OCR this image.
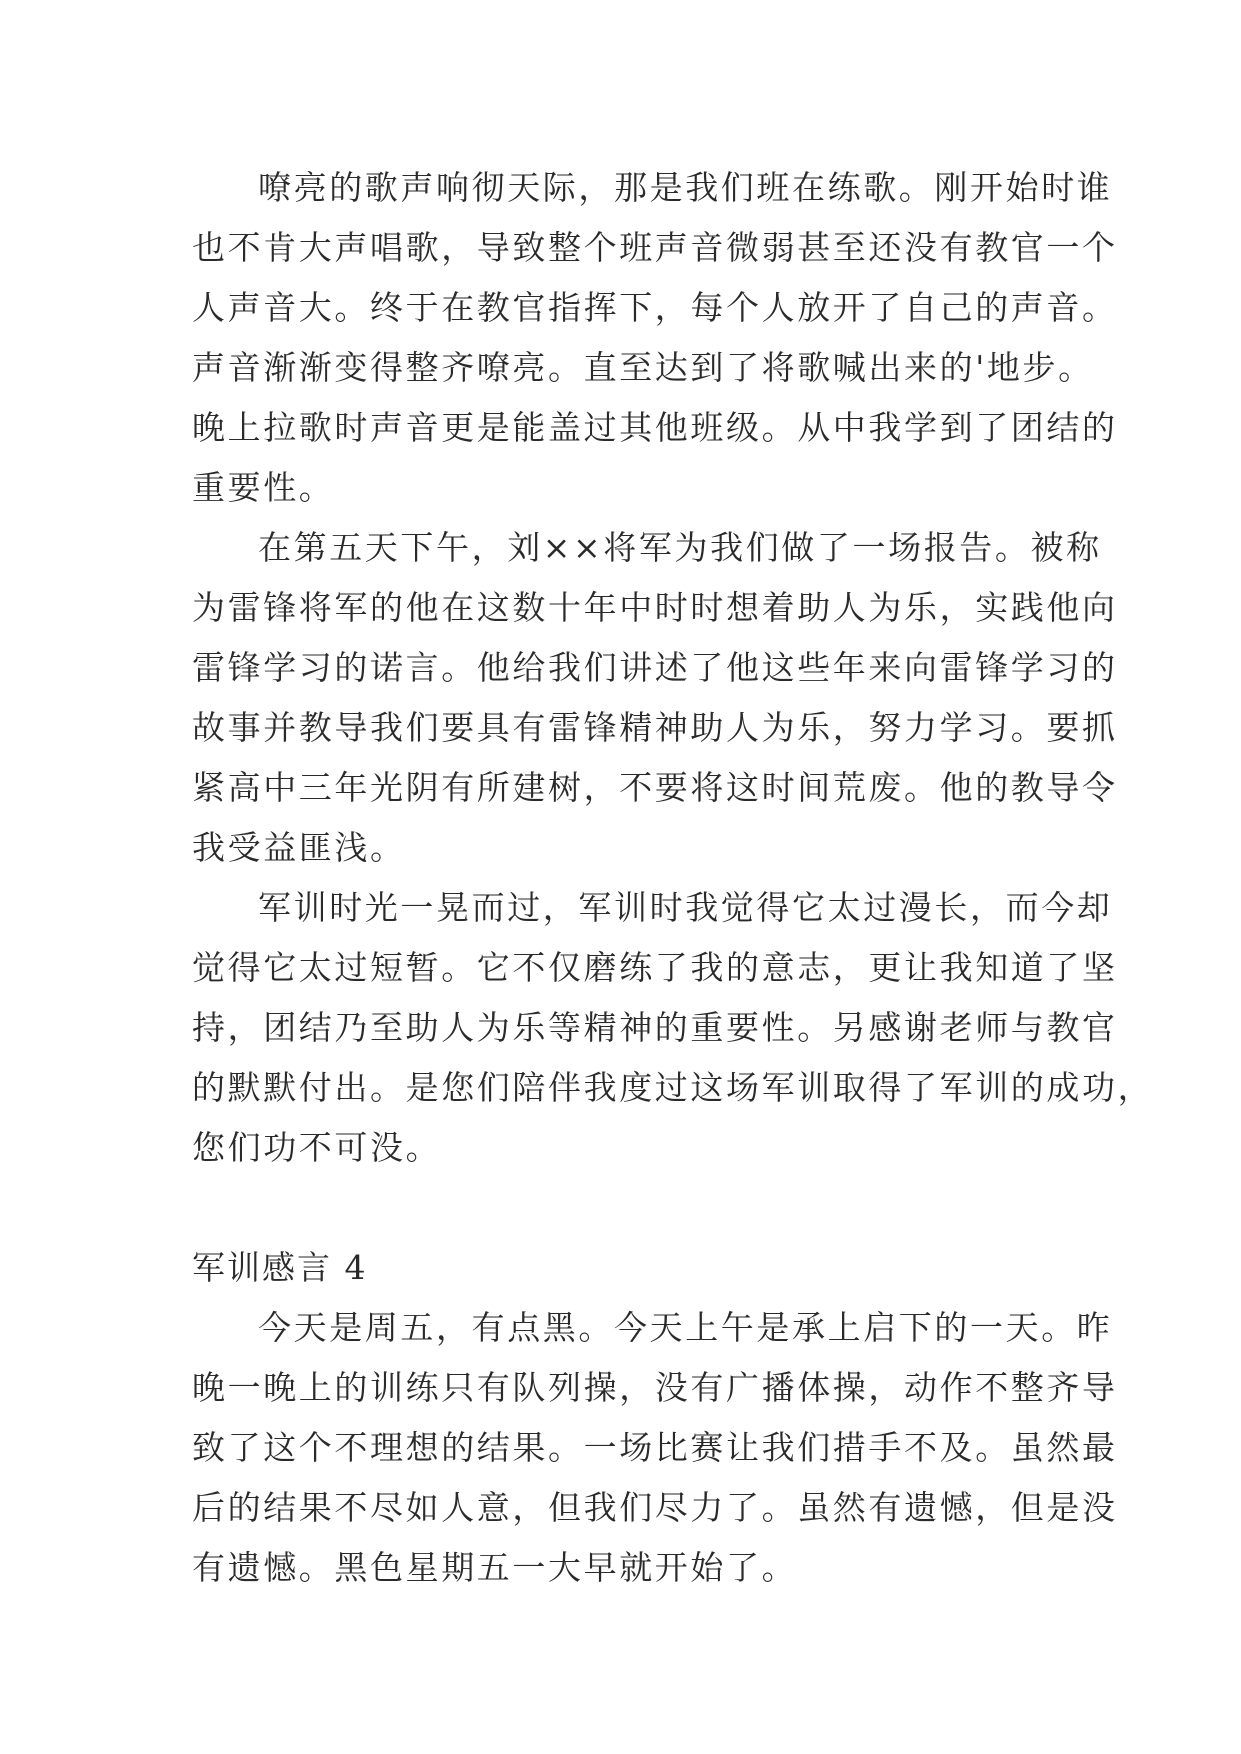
嘹亮的歌声响彻天际，那是我们班在练歌。刚开始时谁
也不肯大声唱歌，导致整个班声音微弱甚至还没有教官一个
人声音大。终于在教官指挥下，每个人放开了自己的声音。
声音渐渐变得整齐嘹亮。直至达到了将歌喊出来的'地步。
晚上拉歌时声音更是能盖过其他班级。从中我学到了团结的
重要性。
在第五天下午，刘××将军为我们做了一场报告。被称
为雷锋将军的他在这数十年中时时想着助人为乐，实践他向
雷锋学习的诺言。他给我们讲述了他这些年来向雷锋学习的
故事并教导我们要具有雷锋精神助人为乐，努力学习。要抓
紧高中三年光阴有所建树，不要将这时间荒废。他的教导令
我受益匪浅。
军训时光一晃而过，军训时我觉得它太过漫长，而今却
觉得它太过短暂。它不仅磨练了我的意志，更让我知道了坚
持，团结乃至助人为乐等精神的重要性。另感谢老师与教官
的默默付出。是您们陪伴我度过这场军训取得了军训的成功，
您们功不可没。
军训感言 4
今天是周五，有点黑。今天上午是承上启下的一天。昨
晚一晚上的训练只有队列操，没有广播体操，动作不整齐导
致了这个不理想的结果。一场比赛让我们措手不及。虽然最
后的结果不尽如人意，但我们尽力了。虽然有遗憾，但是没
有遗憾。黑色星期五一大早就开始了。
